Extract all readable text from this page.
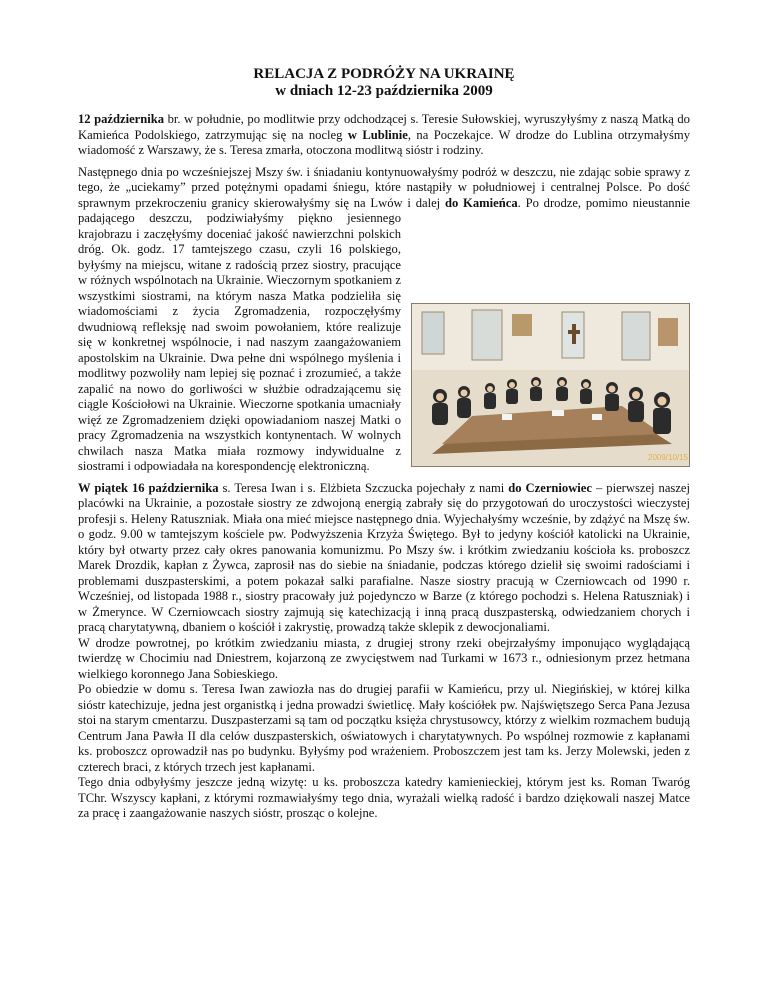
RELACJA Z PODRÓŻY NA UKRAINĘ
w dniach 12-23 października 2009

12 października br. w południe, po modlitwie przy odchodzącej s. Teresie Sułowskiej, wyruszyłyśmy z naszą Matką do Kamieńca Podolskiego, zatrzymując się na nocleg w Lublinie, na Poczekajce. W drodze do Lublina otrzymałyśmy wiadomość z Warszawy, że s. Teresa zmarła, otoczona modlitwą sióstr i rodziny.

Następnego dnia po wcześniejszej Mszy św. i śniadaniu kontynuowałyśmy podróż w deszczu, nie zdając sobie sprawy z tego, że „uciekamy” przed potężnymi opadami śniegu, które nastąpiły w południowej i centralnej Polsce. Po dość sprawnym przekroczeniu granicy skierowałyśmy się na Lwów i dalej do Kamieńca
2009/10/15
. Po drodze, pomimo nieustannie padającego deszczu, podziwiałyśmy piękno jesiennego krajobrazu i zaczęłyśmy doceniać jakość nawierzchni polskich dróg. Ok. godz. 17 tamtejszego czasu, czyli 16 polskiego, byłyśmy na miejscu, witane z radością przez siostry, pracujące w różnych wspólnotach na Ukrainie. Wieczornym spotkaniem z wszystkimi siostrami, na którym nasza Matka podzieliła się wiadomościami z życia Zgromadzenia, rozpoczęłyśmy dwudniową refleksję nad swoim powołaniem, które realizuje się w konkretnej wspólnocie, i nad naszym zaangażowaniem apostolskim na Ukrainie. Dwa pełne dni wspólnego myślenia i modlitwy pozwoliły nam lepiej się poznać i zrozumieć, a także zapalić na nowo do gorliwości w służbie odradzającemu się ciągle Kościołowi na Ukrainie. Wieczorne spotkania umacniały więź ze Zgromadzeniem dzięki opowiadaniom naszej Matki o pracy Zgromadzenia na wszystkich kontynentach. W wolnych chwilach nasza Matka miała rozmowy indywidualne z siostrami i odpowiadała na korespondencję elektroniczną.

W piątek 16 października s. Teresa Iwan i s. Elżbieta Szczucka pojechały z nami do Czerniowiec – pierwszej naszej placówki na Ukrainie, a pozostałe siostry ze zdwojoną energią zabrały się do przygotowań do uroczystości wieczystej profesji s. Heleny Ratuszniak. Miała ona mieć miejsce następnego dnia. Wyjechałyśmy wcześnie, by zdążyć na Mszę św. o godz. 9.00 w tamtejszym kościele pw. Podwyższenia Krzyża Świętego. Był to jedyny kościół katolicki na Ukrainie, który był otwarty przez cały okres panowania komunizmu. Po Mszy św. i krótkim zwiedzaniu kościoła ks. proboszcz Marek Drozdik, kapłan z Żywca, zaprosił nas do siebie na śniadanie, podczas którego dzielił się swoimi radościami i problemami duszpasterskimi, a potem pokazał salki parafialne. Nasze siostry pracują w Czerniowcach od 1990 r. Wcześniej, od listopada 1988 r., siostry pracowały już pojedynczo w Barze (z którego pochodzi s. Helena Ratuszniak) i w Żmerynce. W Czerniowcach siostry zajmują się katechizacją i inną pracą duszpasterską, odwiedzaniem chorych i pracą charytatywną, dbaniem o kościół i zakrystię, prowadzą także sklepik z dewocjonaliami.

W drodze powrotnej, po krótkim zwiedzaniu miasta, z drugiej strony rzeki obejrzałyśmy imponująco wyglądającą twierdzę w Chocimiu nad Dniestrem, kojarzoną ze zwycięstwem nad Turkami w 1673 r., odniesionym przez hetmana wielkiego koronnego Jana Sobieskiego.

Po obiedzie w domu s. Teresa Iwan zawiozła nas do drugiej parafii w Kamieńcu, przy ul. Niegińskiej, w której kilka sióstr katechizuje, jedna jest organistką i jedna prowadzi świetlicę. Mały kościółek pw. Najświętszego Serca Pana Jezusa stoi na starym cmentarzu. Duszpasterzami są tam od początku księża chrystusowcy, którzy z wielkim rozmachem budują Centrum Jana Pawła II dla celów duszpasterskich, oświatowych i charytatywnych. Po wspólnej rozmowie z kapłanami ks. proboszcz oprowadził nas po budynku. Byłyśmy pod wrażeniem. Proboszczem jest tam ks. Jerzy Molewski, jeden z czterech braci, z których trzech jest kapłanami.

Tego dnia odbyłyśmy jeszcze jedną wizytę: u ks. proboszcza katedry kamienieckiej, którym jest ks. Roman Twaróg TChr. Wszyscy kapłani, z którymi rozmawiałyśmy tego dnia, wyrażali wielką radość i bardzo dziękowali naszej Matce za pracę i zaangażowanie naszych sióstr, prosząc o kolejne.
